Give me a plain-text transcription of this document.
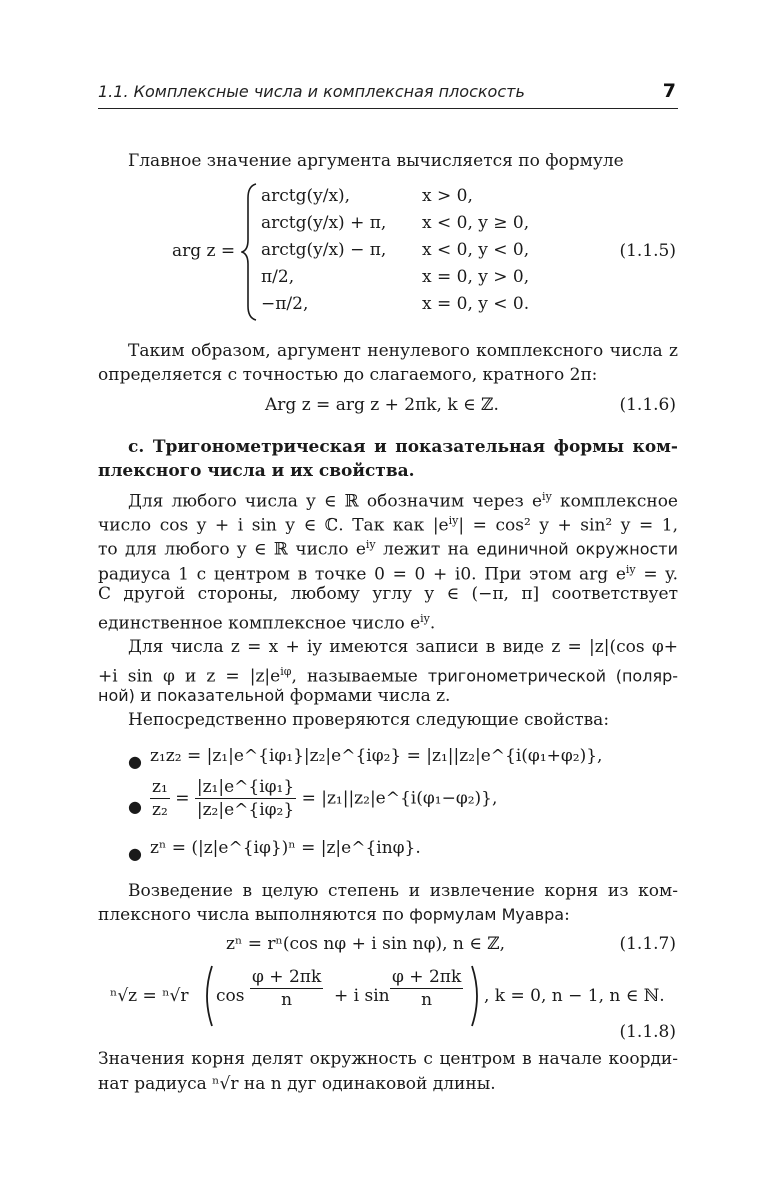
1.1. Комплексные числа и комплексная плоскость	7
Главное значение аргумента вычисляется по формуле
arg z =
arctg(y/x),	x > 0,
arctg(y/x) + π, x < 0, y ≥ 0,
arctg(y/x) − π, x < 0, y < 0,
π/2,	x = 0, y > 0,
−π/2,	x = 0, y < 0.
(1.1.5)
Таким образом, аргумент ненулевого комплексного числа z
определяется с точностью до слагаемого, кратного 2π:
Arg z = arg z + 2πk, k ∈ ℤ.	(1.1.6)
c. Тригонометрическая и показательная формы ком-
плексного числа и их свойства.
Для любого числа y ∈ ℝ обозначим через $e^{iy}$ комплексное
число cos y + i sin y ∈ ℂ. Так как $|e^{iy}| = \cos^2$ y + sin² y = 1,
то для любого y ∈ ℝ число $e^{iy}$ лежит на единичной окружности
радиуса 1 с центром в точке 0 = 0 + i0. При этом arg $e^{iy} = y$.
С другой стороны, любому углу y ∈ (−π, π] соответствует
единственное комплексное число $e^{iy}$.
Для числа z = x + iy имеются записи в виде z = |z|(cos φ+
+i sin φ и $z = |z|e^{i\varphi}$, называемые тригонометрической (поляр-
ной) и показательной формами числа z.
Непосредственно проверяются следующие свойства:
● z₁z₂ = |z₁|e^{iφ₁}|z₂|e^{iφ₂} = |z₁||z₂|e^{i(φ₁+φ₂)},
● $\frac{\text{z₁}}{\text{z₂}} = \frac{\text{|z₁|e\textasciicircum{}\{iφ₁\}}}{\text{|z₂|e\textasciicircum{}\{iφ₂\}}}$ = |z₁||z₂|e^{i(φ₁−φ₂)},
● zⁿ = (|z|e^{iφ})ⁿ = |z|e^{inφ}.
Возведение в целую степень и извлечение корня из ком-
плексного числа выполняются по формулам Муавра:
zⁿ = rⁿ(cos nφ + i sin nφ), n ∈ ℤ,	(1.1.7)
ⁿ√z = ⁿ√r $\cos \frac{\varphi + 2\pi k}{n} + i$ $\sin \frac{\varphi + 2\pi k}{n}$ , k = 0, n − 1, n ∈ ℕ.
(1.1.8)
Значения корня делят окружность с центром в начале коорди-
нат радиуса ⁿ√r на n дуг одинаковой длины.
